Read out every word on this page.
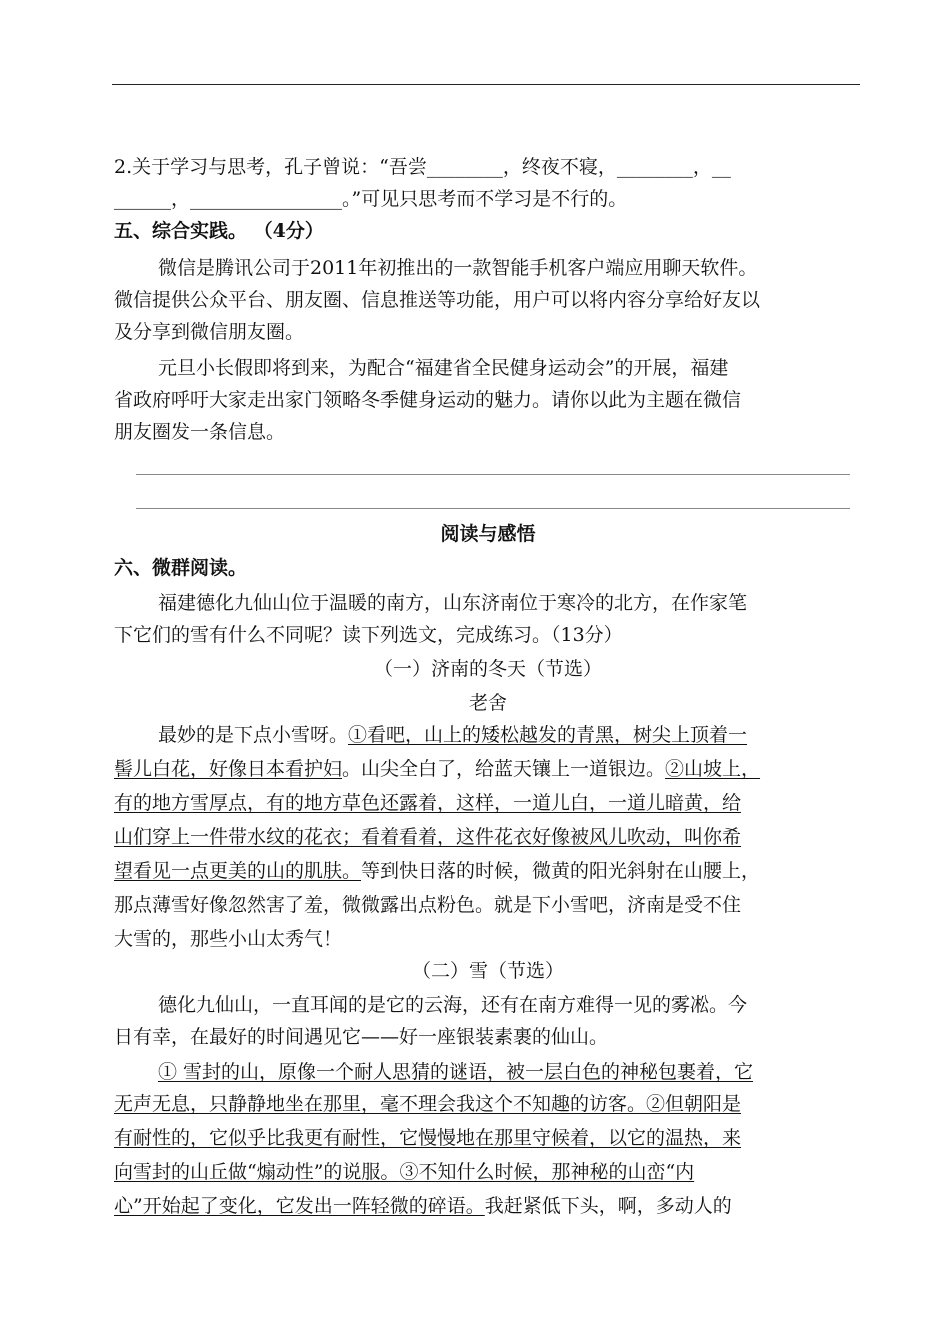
2.关于学习与思考，孔子曾说：“吾尝________，终夜不寝，________，__
______，________________。”可见只思考而不学习是不行的。
五、综合实践。 （4分）
微信是腾讯公司于2011年初推出的一款智能手机客户端应用聊天软件。
微信提供公众平台、朋友圈、信息推送等功能，用户可以将内容分享给好友以
及分享到微信朋友圈。
元旦小长假即将到来，为配合“福建省全民健身运动会”的开展，福建
省政府呼吁大家走出家门领略冬季健身运动的魅力。请你以此为主题在微信
朋友圈发一条信息。
阅读与感悟
六、微群阅读。
福建德化九仙山位于温暖的南方，山东济南位于寒冷的北方，在作家笔
下它们的雪有什么不同呢？读下列选文，完成练习。（13分）
（一）济南的冬天（节选）
老舍
最妙的是下点小雪呀。①看吧，山上的矮松越发的青黑，树尖上顶着一
髻儿白花，好像日本看护妇。山尖全白了，给蓝天镶上一道银边。②山坡上，
有的地方雪厚点，有的地方草色还露着，这样，一道儿白，一道儿暗黄，给
山们穿上一件带水纹的花衣；看着看着，这件花衣好像被风儿吹动，叫你希
望看见一点更美的山的肌肤。等到快日落的时候，微黄的阳光斜射在山腰上，
那点薄雪好像忽然害了羞，微微露出点粉色。就是下小雪吧，济南是受不住
大雪的，那些小山太秀气！
（二）雪（节选）
德化九仙山，一直耳闻的是它的云海，还有在南方难得一见的雾凇。今
日有幸，在最好的时间遇见它——好一座银装素裹的仙山。
① 雪封的山，原像一个耐人思猜的谜语，被一层白色的神秘包裹着，它
无声无息，只静静地坐在那里，毫不理会我这个不知趣的访客。②但朝阳是
有耐性的，它似乎比我更有耐性，它慢慢地在那里守候着，以它的温热，来
向雪封的山丘做“煽动性”的说服。③不知什么时候，那神秘的山峦“内
心”开始起了变化，它发出一阵轻微的碎语。我赶紧低下头，啊，多动人的
